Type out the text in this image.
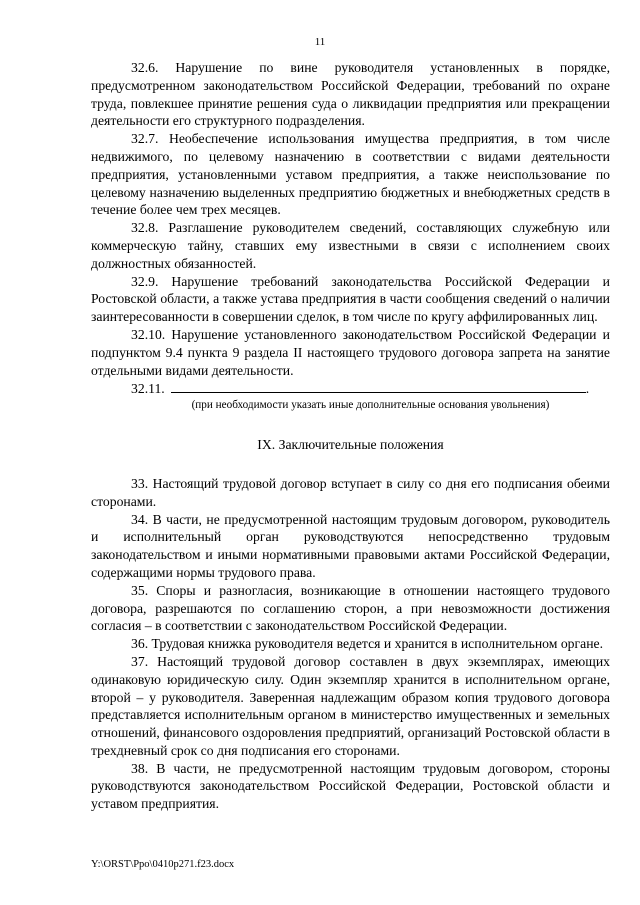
11

32.6. Нарушение по вине руководителя установленных в порядке, предусмотренном законодательством Российской Федерации, требований по охране труда, повлекшее принятие решения суда о ликвидации предприятия или прекращении деятельности его структурного подразделения.

32.7. Необеспечение использования имущества предприятия, в том числе недвижимого, по целевому назначению в соответствии с видами деятельности предприятия, установленными уставом предприятия, а также неиспользование по целевому назначению выделенных предприятию бюджетных и внебюджетных средств в течение более чем трех месяцев.

32.8. Разглашение руководителем сведений, составляющих служебную или коммерческую тайну, ставших ему известными в связи с исполнением своих должностных обязанностей.

32.9. Нарушение требований законодательства Российской Федерации и Ростовской области, а также устава предприятия в части сообщения сведений о наличии заинтересованности в совершении сделок, в том числе по кругу аффилированных лиц.

32.10. Нарушение установленного законодательством Российской Федерации и подпунктом 9.4 пункта 9 раздела II настоящего трудового договора запрета на занятие отдельными видами деятельности.

32.11.	.

(при необходимости указать иные дополнительные основания увольнения)

IX. Заключительные положения

33. Настоящий трудовой договор вступает в силу со дня его подписания обеими сторонами.

34. В части, не предусмотренной настоящим трудовым договором, руководитель и исполнительный орган руководствуются непосредственно трудовым законодательством и иными нормативными правовыми актами Российской Федерации, содержащими нормы трудового права.

35. Споры и разногласия, возникающие в отношении настоящего трудового договора, разрешаются по соглашению сторон, а при невозможности достижения согласия – в соответствии с законодательством Российской Федерации.

36. Трудовая книжка руководителя ведется и хранится в исполнительном органе.

37. Настоящий трудовой договор составлен в двух экземплярах, имеющих одинаковую юридическую силу. Один экземпляр хранится в исполнительном органе, второй – у руководителя. Заверенная надлежащим образом копия трудового договора представляется исполнительным органом в министерство имущественных и земельных отношений, финансового оздоровления предприятий, организаций Ростовской области в трехдневный срок со дня подписания его сторонами.

38. В части, не предусмотренной настоящим трудовым договором, стороны руководствуются законодательством Российской Федерации, Ростовской области и уставом предприятия.

Y:\ORST\Ppo\0410p271.f23.docx
